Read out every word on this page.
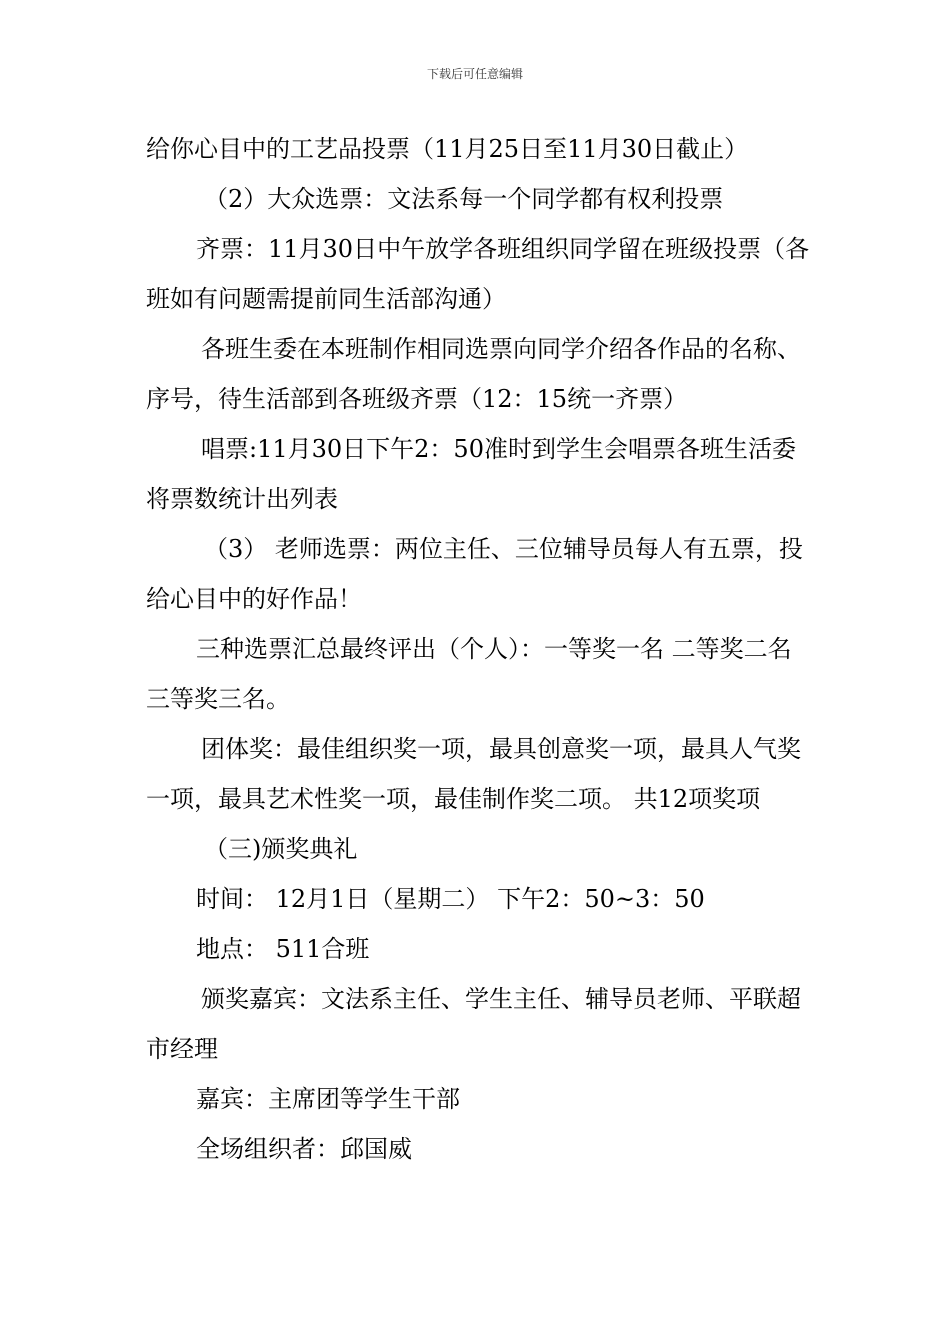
下载后可任意编辑

给你心目中的工艺品投票（11月25日至11月30日截止）

（2）大众选票：文法系每一个同学都有权利投票

齐票：11月30日中午放学各班组织同学留在班级投票（各班如有问题需提前同生活部沟通）

各班生委在本班制作相同选票向同学介绍各作品的名称、序号，待生活部到各班级齐票（12：15统一齐票）

唱票:11月30日下午2：50准时到学生会唱票各班生活委将票数统计出列表

（3） 老师选票：两位主任、三位辅导员每人有五票，投给心目中的好作品！

三种选票汇总最终评出（个人）：一等奖一名 二等奖二名三等奖三名。

团体奖：最佳组织奖一项，最具创意奖一项，最具人气奖一项，最具艺术性奖一项，最佳制作奖二项。 共12项奖项

（三)颁奖典礼

时间： 12月1日（星期二） 下午2：50~3：50

地点： 511合班

颁奖嘉宾：文法系主任、学生主任、辅导员老师、平联超市经理

嘉宾：主席团等学生干部

全场组织者：邱国威
